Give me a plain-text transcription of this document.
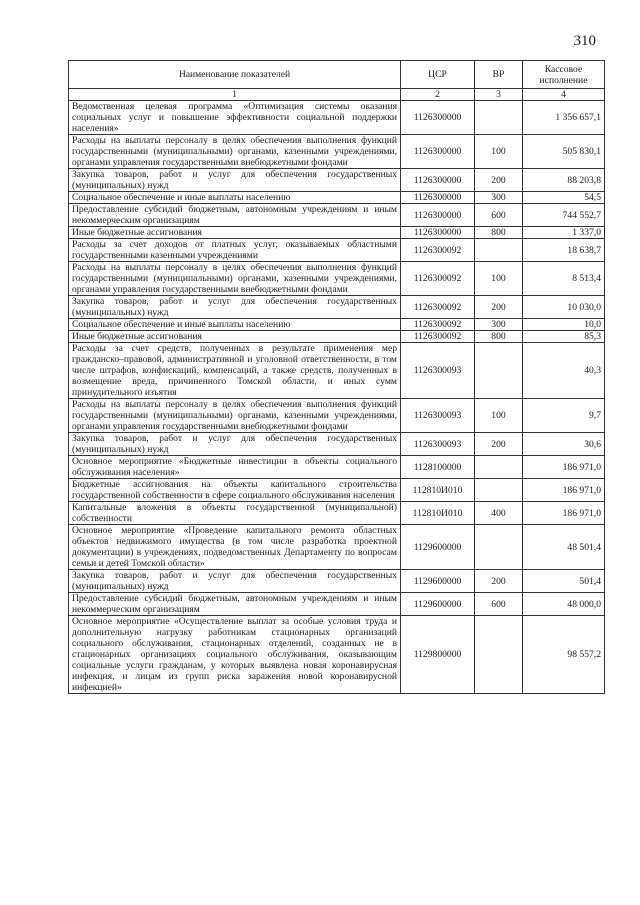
310
Наименование показателей	ЦСР	ВР	Кассовое исполнение
1	2	3	4
Ведомственная целевая программа «Оптимизация системы оказания социальных услуг и повышение эффективности социальной поддержки населения»	1126300000		1 356 657,1
Расходы на выплаты персоналу в целях обеспечения выполнения функций государственными (муниципальными) органами, казенными учреждениями, органами управления государственными внебюджетными фондами	1126300000	100	505 830,1
Закупка товаров, работ и услуг для обеспечения государственных (муниципальных) нужд	1126300000	200	88 203,8
Социальное обеспечение и иные выплаты населению	1126300000	300	54,5
Предоставление субсидий бюджетным, автономным учреждениям и иным некоммерческим организациям	1126300000	600	744 552,7
Иные бюджетные ассигнования	1126300000	800	1 337,0
Расходы за счет доходов от платных услуг, оказываемых областными государственными казенными учреждениями	1126300092		18 638,7
Расходы на выплаты персоналу в целях обеспечения выполнения функций государственными (муниципальными) органами, казенными учреждениями, органами управления государственными внебюджетными фондами	1126300092	100	8 513,4
Закупка товаров, работ и услуг для обеспечения государственных (муниципальных) нужд	1126300092	200	10 030,0
Социальное обеспечение и иные выплаты населению	1126300092	300	10,0
Иные бюджетные ассигнования	1126300092	800	85,3
Расходы за счет средств, полученных в результате применения мер гражданско–правовой, административной и уголовной ответственности, в том числе штрафов, конфискаций, компенсаций, а также средств, полученных в возмещение вреда, причиненного Томской области, и иных сумм принудительного изъятия	1126300093		40,3
Расходы на выплаты персоналу в целях обеспечения выполнения функций государственными (муниципальными) органами, казенными учреждениями, органами управления государственными внебюджетными фондами	1126300093	100	9,7
Закупка товаров, работ и услуг для обеспечения государственных (муниципальных) нужд	1126300093	200	30,6
Основное мероприятие «Бюджетные инвестиции в объекты социального обслуживания населения»	1128100000		186 971,0
Бюджетные ассигнования на объекты капитального строительства государственной собственности в сфере социального обслуживания населения	112810И010		186 971,0
Капитальные вложения в объекты государственной (муниципальной) собственности	112810И010	400	186 971,0
Основное мероприятие «Проведение капитального ремонта областных объектов недвижимого имущества (в том числе разработка проектной документации) в учреждениях, подведомственных Департаменту по вопросам семьи и детей Томской области»	1129600000		48 501,4
Закупка товаров, работ и услуг для обеспечения государственных (муниципальных) нужд	1129600000	200	501,4
Предоставление субсидий бюджетным, автономным учреждениям и иным некоммерческим организациям	1129600000	600	48 000,0
Основное мероприятие «Осуществление выплат за особые условия труда и дополнительную нагрузку работникам стационарных организаций социального обслуживания, стационарных отделений, созданных не в стационарных организациях социального обслуживания, оказывающим социальные услуги гражданам, у которых выявлена новая коронавирусная инфекция, и лицам из групп риска заражения новой коронавирусной инфекцией»	1129800000		98 557,2
